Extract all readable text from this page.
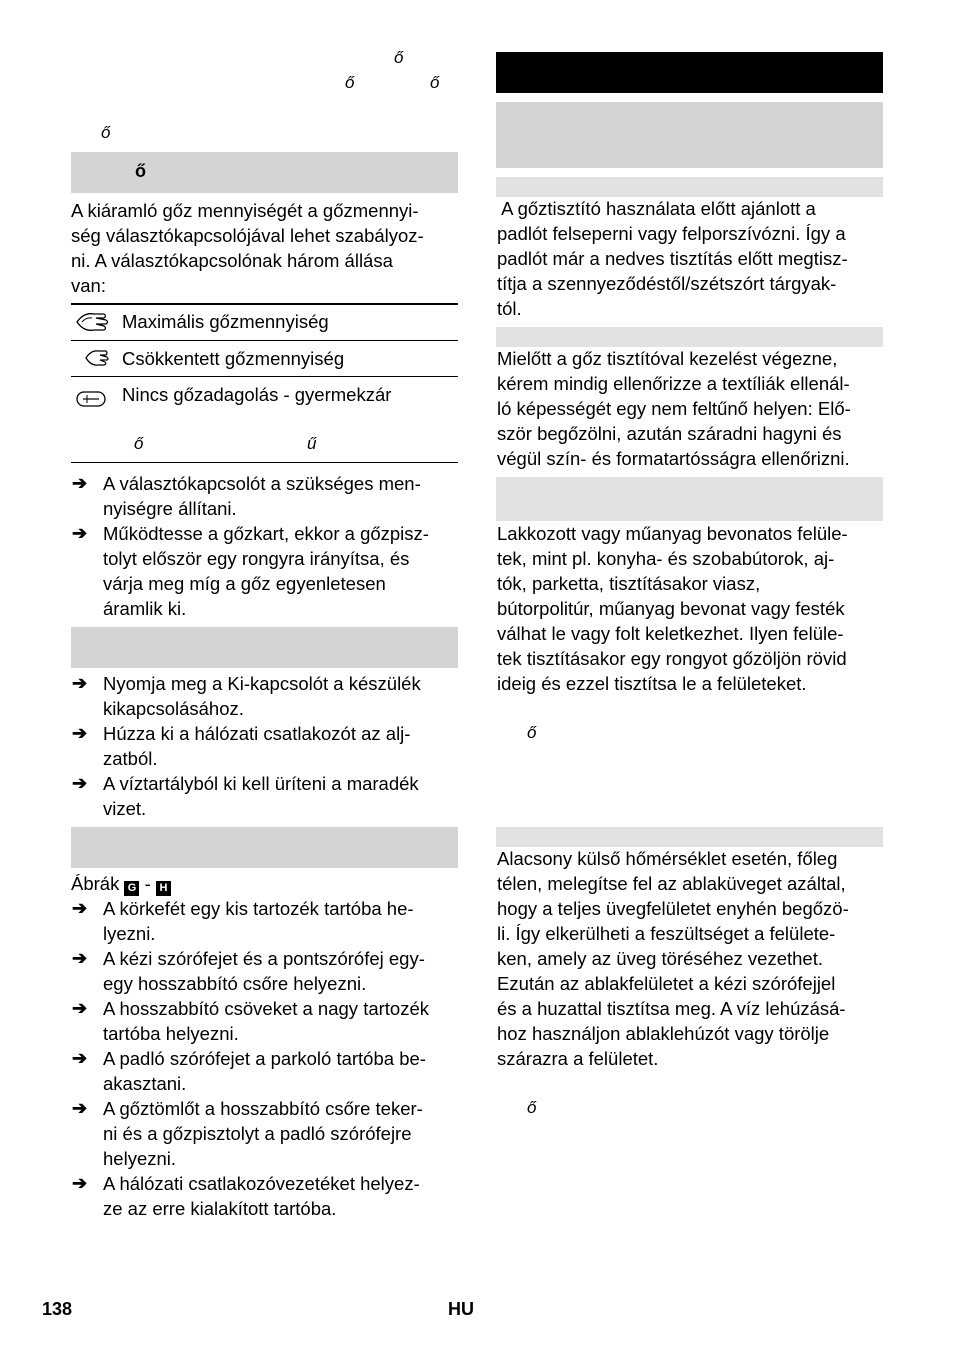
ő
ő	ő
ő
ő
A kiáramló gőz mennyiségét a gőzmennyi-
ség választókapcsolójával lehet szabályoz-
ni. A választókapcsolónak három állása
van:
Maximális gőzmennyiség
Csökkentett gőzmennyiség
Nincs gőzadagolás - gyermekzár
ő	ű
➔ A választókapcsolót a szükséges men-
nyiségre állítani.
➔ Működtesse a gőzkart, ekkor a gőzpisz-
tolyt először egy rongyra irányítsa, és
várja meg míg a gőz egyenletesen
áramlik ki.
➔ Nyomja meg a Ki-kapcsolót a készülék
kikapcsolásához.
➔ Húzza ki a hálózati csatlakozót az alj-
zatból.
➔ A víztartályból ki kell üríteni a maradék
vizet.
Ábrák G - H
➔ A körkefét egy kis tartozék tartóba he-
lyezni.
➔ A kézi szórófejet és a pontszórófej egy-
egy hosszabbító csőre helyezni.
➔ A hosszabbító csöveket a nagy tartozék
tartóba helyezni.
➔ A padló szórófejet a parkoló tartóba be-
akasztani.
➔ A gőztömlőt a hosszabbító csőre teker-
ni és a gőzpisztolyt a padló szórófejre
helyezni.
➔ A hálózati csatlakozóvezetéket helyez-
ze az erre kialakított tartóba.
A gőztisztító használata előtt ajánlott a
padlót felseperni vagy felporszívózni. Így a
padlót már a nedves tisztítás előtt megtisz-
títja a szennyeződéstől/szétszórt tárgyak-
tól.
Mielőtt a gőz tisztítóval kezelést végezne,
kérem mindig ellenőrizze a textíliák ellenál-
ló képességét egy nem feltűnő helyen: Elő-
ször begőzölni, azután száradni hagyni és
végül szín- és formatartósságra ellenőrizni.
Lakkozott vagy műanyag bevonatos felüle-
tek, mint pl. konyha- és szobabútorok, aj-
tók, parketta, tisztításakor viasz,
bútorpolitúr, műanyag bevonat vagy festék
válhat le vagy folt keletkezhet. Ilyen felüle-
tek tisztításakor egy rongyot gőzöljön rövid
ideig és ezzel tisztítsa le a felületeket.
ő
Alacsony külső hőmérséklet esetén, főleg
télen, melegítse fel az ablaküveget azáltal,
hogy a teljes üvegfelületet enyhén begőzö-
li. Így elkerülheti a feszültséget a felülete-
ken, amely az üveg töréséhez vezethet.
Ezután az ablakfelületet a kézi szórófejjel
és a huzattal tisztítsa meg. A víz lehúzásá-
hoz használjon ablaklehúzót vagy törölje
szárazra a felületet.
ő
138	HU
